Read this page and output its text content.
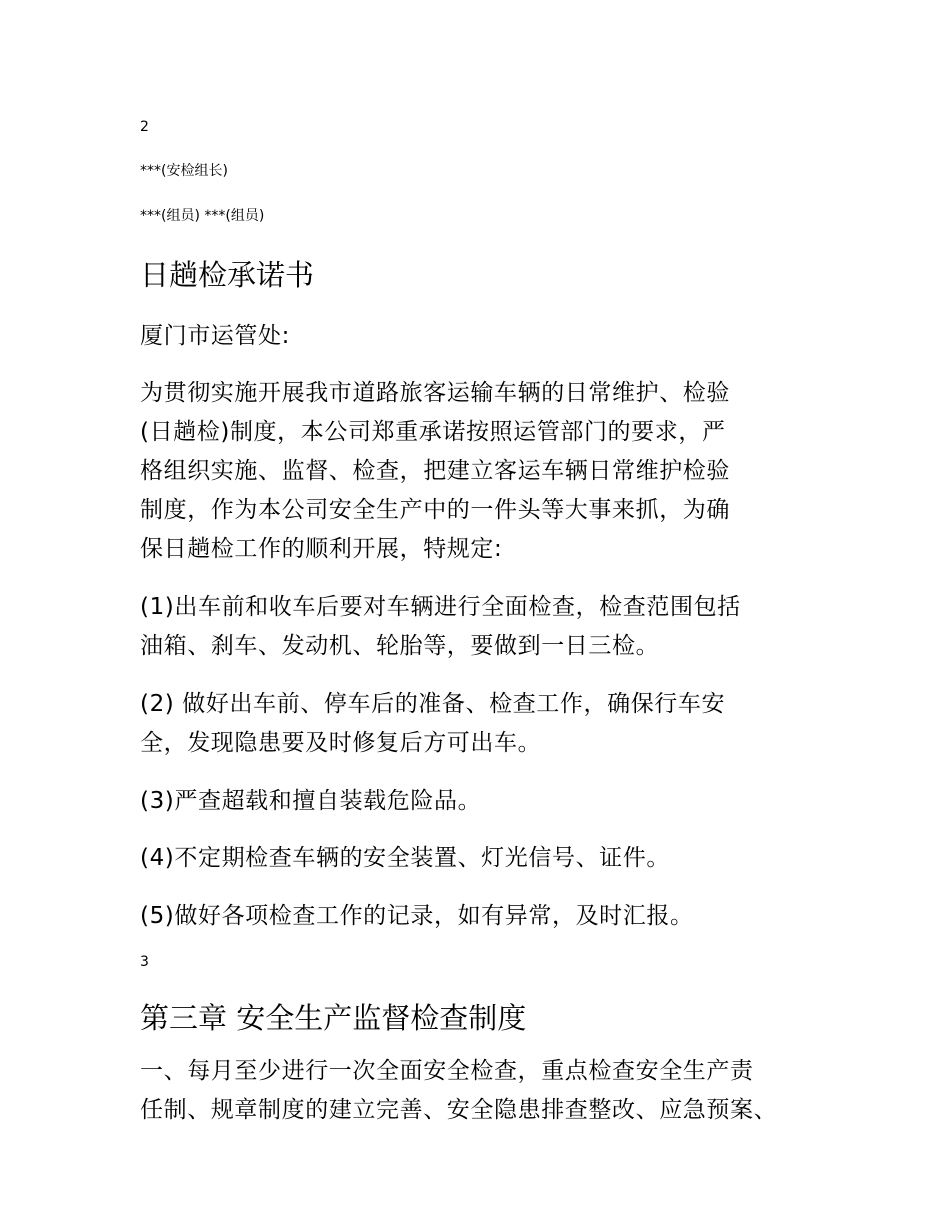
2
***(安检组长)
***(组员) ***(组员)
日趟检承诺书
厦门市运管处:
为贯彻实施开展我市道路旅客运输车辆的日常维护、检验
(日趟检)制度，本公司郑重承诺按照运管部门的要求，严
格组织实施、监督、检查，把建立客运车辆日常维护检验
制度，作为本公司安全生产中的一件头等大事来抓，为确
保日趟检工作的顺利开展，特规定:
(1)出车前和收车后要对车辆进行全面检查，检查范围包括
油箱、刹车、发动机、轮胎等，要做到一日三检。
(2) 做好出车前、停车后的准备、检查工作，确保行车安
全，发现隐患要及时修复后方可出车。
(3)严查超载和擅自装载危险品。
(4)不定期检查车辆的安全装置、灯光信号、证件。
(5)做好各项检查工作的记录，如有异常，及时汇报。
3
第三章 安全生产监督检查制度
一、每月至少进行一次全面安全检查，重点检查安全生产责
任制、规章制度的建立完善、安全隐患排查整改、应急预案、
